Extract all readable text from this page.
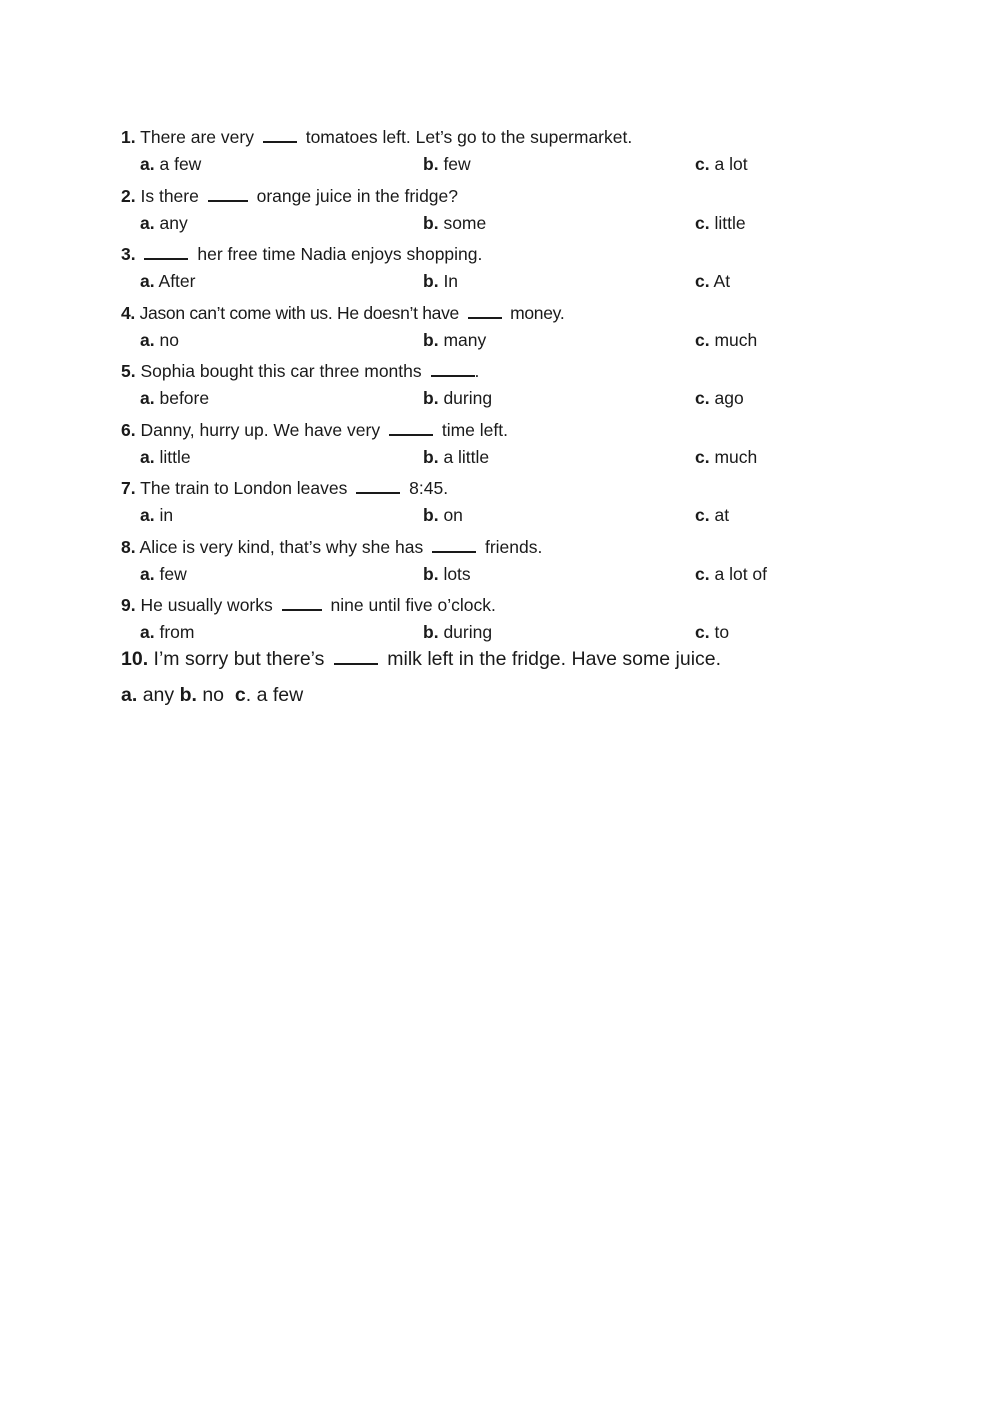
1. There are very	tomatoes left. Let’s go to the supermarket.
a. a few	b. few	c. a lot
2. Is there	orange juice in the fridge?
a. any	b. some	c. little
3.	her free time Nadia enjoys shopping.
a. After	b. In	c. At
4. Jason can’t come with us. He doesn’t have	money.
a. no	b. many	c. much
5. Sophia bought this car three months	.
a. before	b. during	c. ago
6. Danny, hurry up. We have very	time left.
a. little	b. a little	c. much
7. The train to London leaves	8:45.
a. in	b. on	c. at
8. Alice is very kind, that’s why she has	friends.
a. few	b. lots	c. a lot of
9. He usually works	nine until five o’clock.
a. from	b. during	c. to
10. I’m sorry but there’s	milk left in the fridge. Have some juice.
a. any b. no c. a few
